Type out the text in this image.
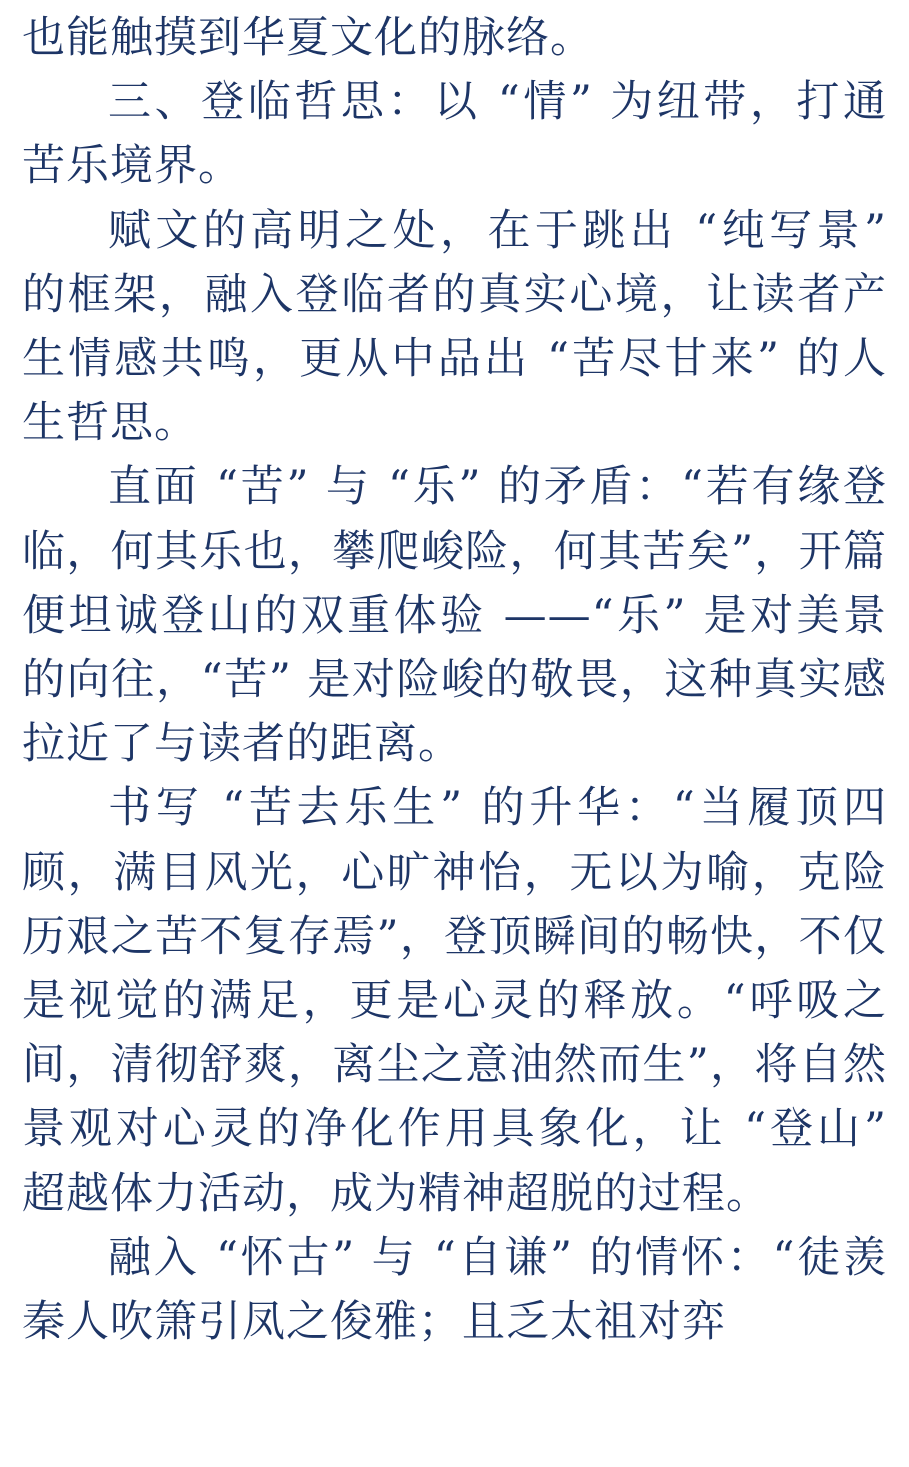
也能触摸到华夏文化的脉络。

三、登临哲思：以 “情” 为纽带，打通苦乐境界。

赋文的高明之处，在于跳出 “纯写景” 的框架，融入登临者的真实心境，让读者产生情感共鸣，更从中品出 “苦尽甘来” 的人生哲思。

直面 “苦” 与 “乐” 的矛盾：“若有缘登临，何其乐也，攀爬峻险，何其苦矣”，开篇便坦诚登山的双重体验 ——“乐” 是对美景的向往，“苦” 是对险峻的敬畏，这种真实感拉近了与读者的距离。

书写 “苦去乐生” 的升华：“当履顶四顾，满目风光，心旷神怡，无以为喻，克险历艰之苦不复存焉”，登顶瞬间的畅快，不仅是视觉的满足，更是心灵的释放。“呼吸之间，清彻舒爽，离尘之意油然而生”，将自然景观对心灵的净化作用具象化，让 “登山” 超越体力活动，成为精神超脱的过程。

融入 “怀古” 与 “自谦” 的情怀：“徒羡秦人吹箫引凤之俊雅；且乏太祖对弈
